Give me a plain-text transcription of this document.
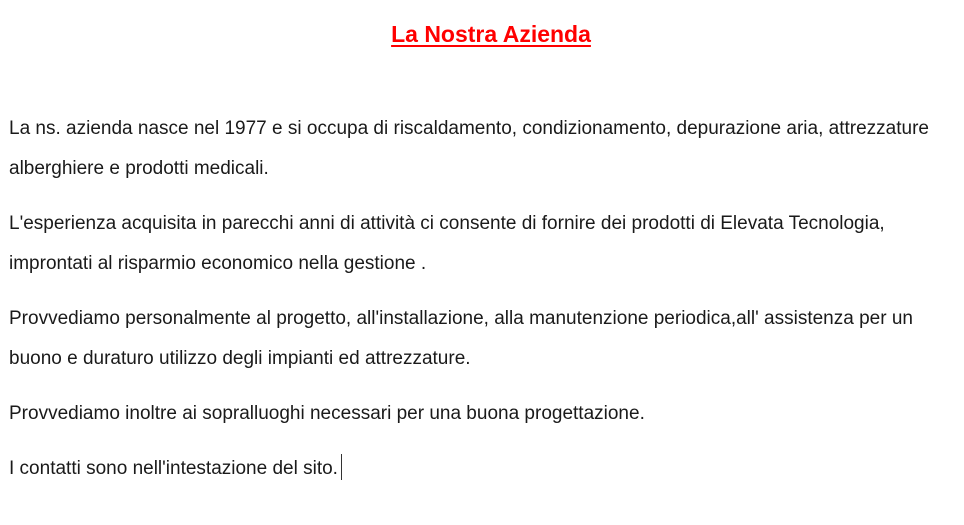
La Nostra Azienda

La ns. azienda nasce nel 1977 e si occupa di riscaldamento, condizionamento, depurazione aria, attrezzature alberghiere e prodotti medicali.

L'esperienza acquisita in parecchi anni di attività ci consente di fornire dei prodotti di Elevata Tecnologia, improntati al risparmio economico nella gestione .

Provvediamo personalmente al progetto, all'installazione, alla manutenzione periodica,all' assistenza per un buono e duraturo utilizzo degli impianti ed attrezzature.

Provvediamo inoltre ai sopralluoghi necessari per una buona progettazione.

I contatti sono nell'intestazione del sito.
